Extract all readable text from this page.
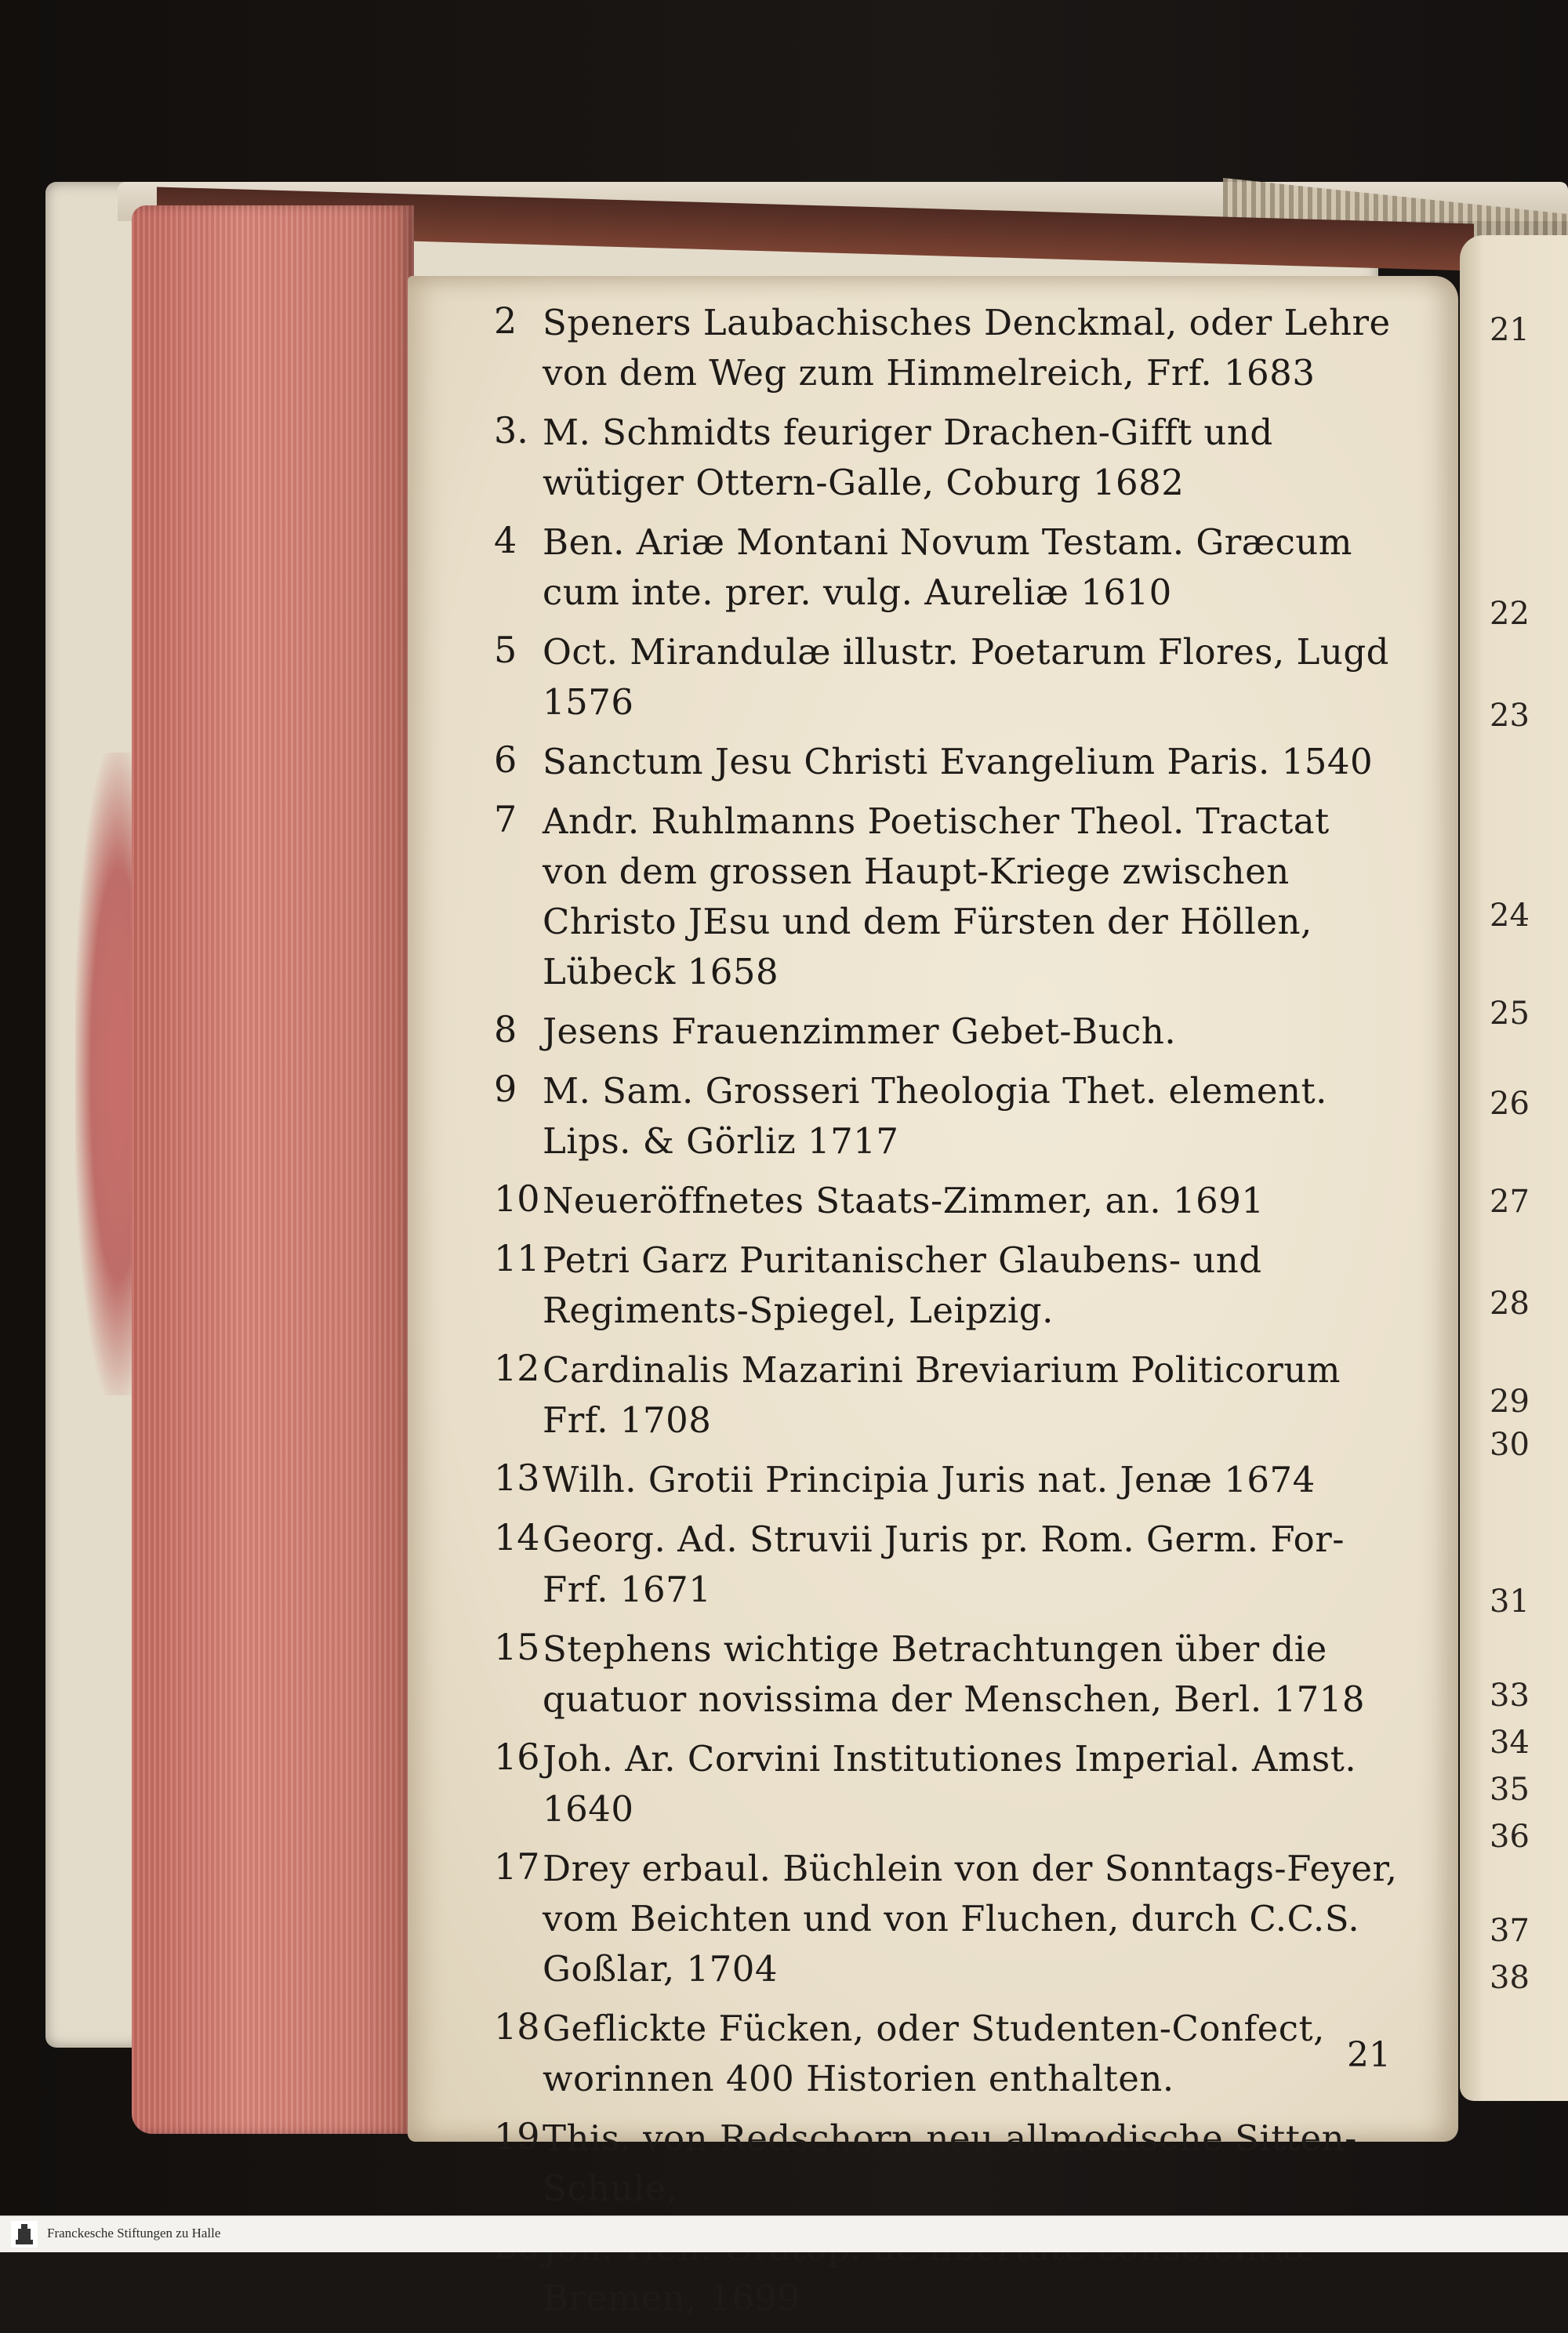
21
22
23
24
25
26
27
28
29
30
31
33
34
35
36
37
38
2 Speners Laubachisches Denckmal, oder Lehre von dem Weg zum Himmelreich, Frf. 1683
3. M. Schmidts feuriger Drachen-Gifft und wütiger Ottern-Galle, Coburg 1682
4 Ben. Ariæ Montani Novum Testam. Græcum cum inte. prer. vulg. Aureliæ 1610
5 Oct. Mirandulæ illustr. Poetarum Flores, Lugd 1576
6 Sanctum Jesu Christi Evangelium Paris. 1540
7 Andr. Ruhlmanns Poetischer Theol. Tractat von dem grossen Haupt-Kriege zwischen Christo JEsu und dem Fürsten der Höllen, Lübeck 1658
8 Jesens Frauenzimmer Gebet-Buch.
9 M. Sam. Grosseri Theologia Thet. element. Lips. & Görliz 1717
10 Neueröffnetes Staats-Zimmer, an. 1691
11 Petri Garz Puritanischer Glaubens- und Regiments-Spiegel, Leipzig.
12 Cardinalis Mazarini Breviarium Politicorum Frf. 1708
13 Wilh. Grotii Principia Juris nat. Jenæ 1674
14 Georg. Ad. Struvii Juris pr. Rom. Germ. For- Frf. 1671
15 Stephens wichtige Betrachtungen über die quatuor novissima der Menschen, Berl. 1718
16 Joh. Ar. Corvini Institutiones Imperial. Amst. 1640
17 Drey erbaul. Büchlein von der Sonntags-Feyer, vom Beichten und von Fluchen, durch C.C.S. Goßlar, 1704
18 Geflickte Fücken, oder Studenten-Confect, worinnen 400 Historien enthalten.
19 This. von Redschorn neu allmodische Sitten-Schule,
Bremen, 1699
21
Franckesche Stiftungen zu Halle
